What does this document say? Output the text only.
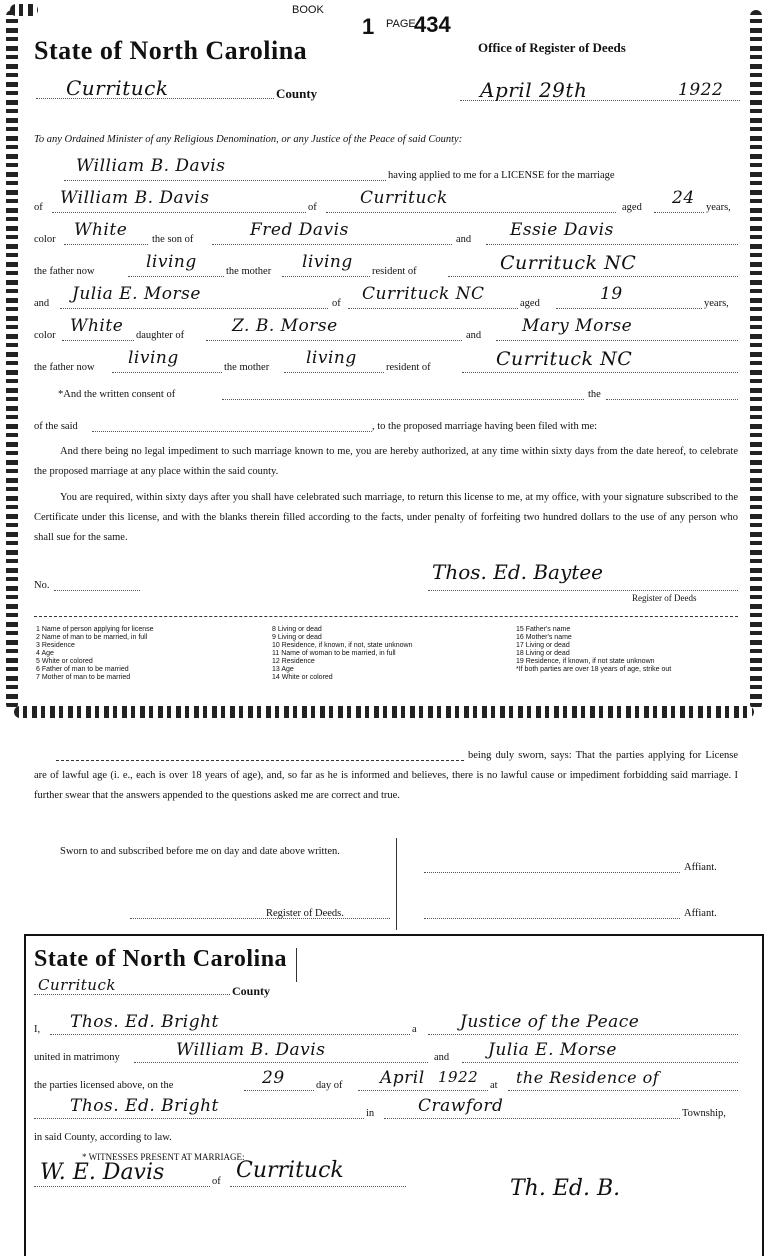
State of North Carolina
BOOK
1 PAGE
434
Office of Register of Deeds
Currituck	County	April 29th	1922
To any Ordained Minister of any Religious Denomination, or any Justice of the Peace of said County:
William B. Davis	having applied to me for a LICENSE for the marriage
of William B. Davis	of	Currituck	aged 24 years,
color White the son of	Fred Davis	and Essie Davis
the father now	living	the mother living resident of	Currituck NC
and Julia E. Morse	of Currituck NC	aged	19	years,
color White daughter of	Z. B. Morse	and Mary Morse
the father now living	the mother living	resident of	Currituck NC
*And the written consent of	the
of the said	, to the proposed marriage having been filed with me:
And there being no legal impediment to such marriage known to me, you are hereby authorized, at any time within sixty days from the date hereof, to celebrate the proposed marriage at any place within the said county.
You are required, within sixty days after you shall have celebrated such marriage, to return this license to me, at my office, with your signature subscribed to the Certificate under this license, and with the blanks therein filled according to the facts, under penalty of forfeiting two hundred dollars to the use of any person who shall sue for the same.
No.
Thos. Ed. Baytee
Register of Deeds
1 Name of person applying for license
2 Name of man to be married, in full
3 Residence
4 Age
5 White or colored
6 Father of man to be married
7 Mother of man to be married
8 Living or dead
9 Living or dead
10 Residence, if known, if not, state unknown
11 Name of woman to be married, in full
12 Residence
13 Age
14 White or colored
15 Father's name
16 Mother's name
17 Living or dead
18 Living or dead
19 Residence, if known, if not state unknown
*If both parties are over 18 years of age, strike out
being duly sworn, says: That the parties applying for License are of lawful age (i. e., each is over 18 years of age), and, so far as he is informed and believes, there is no lawful cause or impediment forbidding said marriage. I further swear that the answers appended to the questions asked me are correct and true.
Sworn to and subscribed before me on day and date above written.
Affiant.
Register of Deeds.	Affiant.
State of North Carolina
Currituck	County
I, Thos. Ed. Bright	a	Justice of the Peace
united in matrimony	William B. Davis	and Julia E. Morse
the parties licensed above, on the	29	day of April 1922 at the Residence of
Thos. Ed. Bright	in	Crawford	Township,
in said County, according to law.
* WITNESSES PRESENT AT MARRIAGE:
W. E. Davis	of Currituck
Th. Ed. B.
